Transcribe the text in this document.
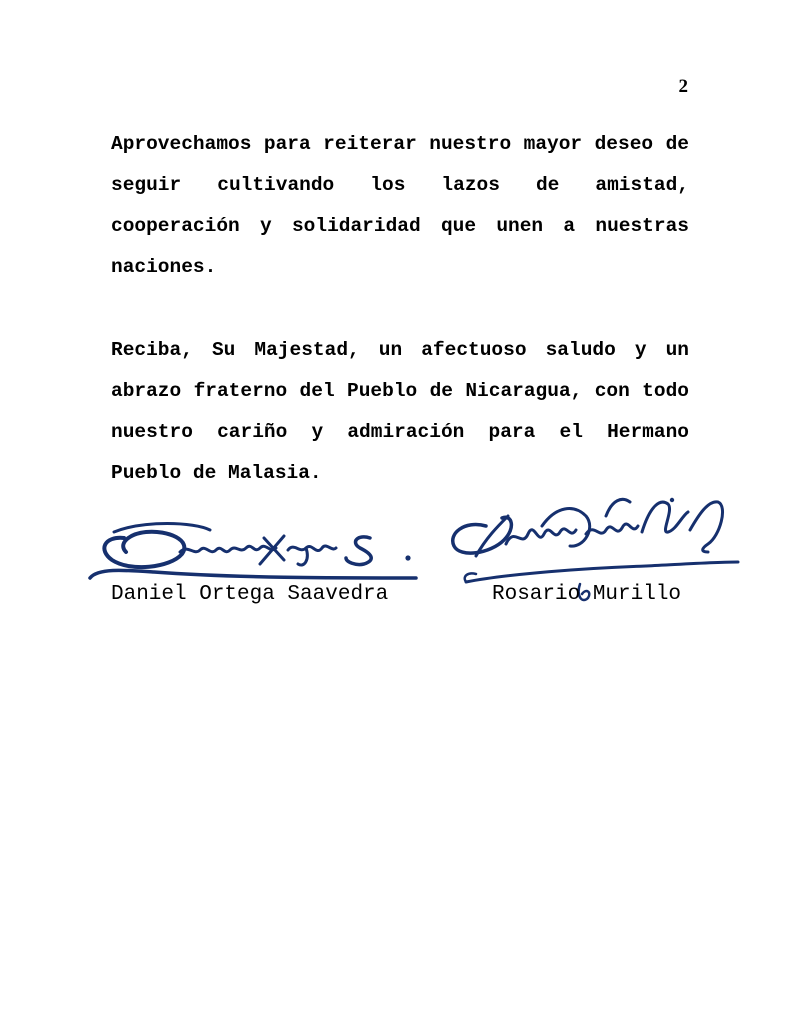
2

Aprovechamos para reiterar nuestro mayor deseo de seguir cultivando los lazos de amistad, cooperación y solidaridad que unen a nuestras naciones.

Reciba, Su Majestad, un afectuoso saludo y un abrazo fraterno del Pueblo de Nicaragua, con todo nuestro cariño y admiración para el Hermano Pueblo de Malasia.

Daniel Ortega Saavedra	Rosario Murillo
